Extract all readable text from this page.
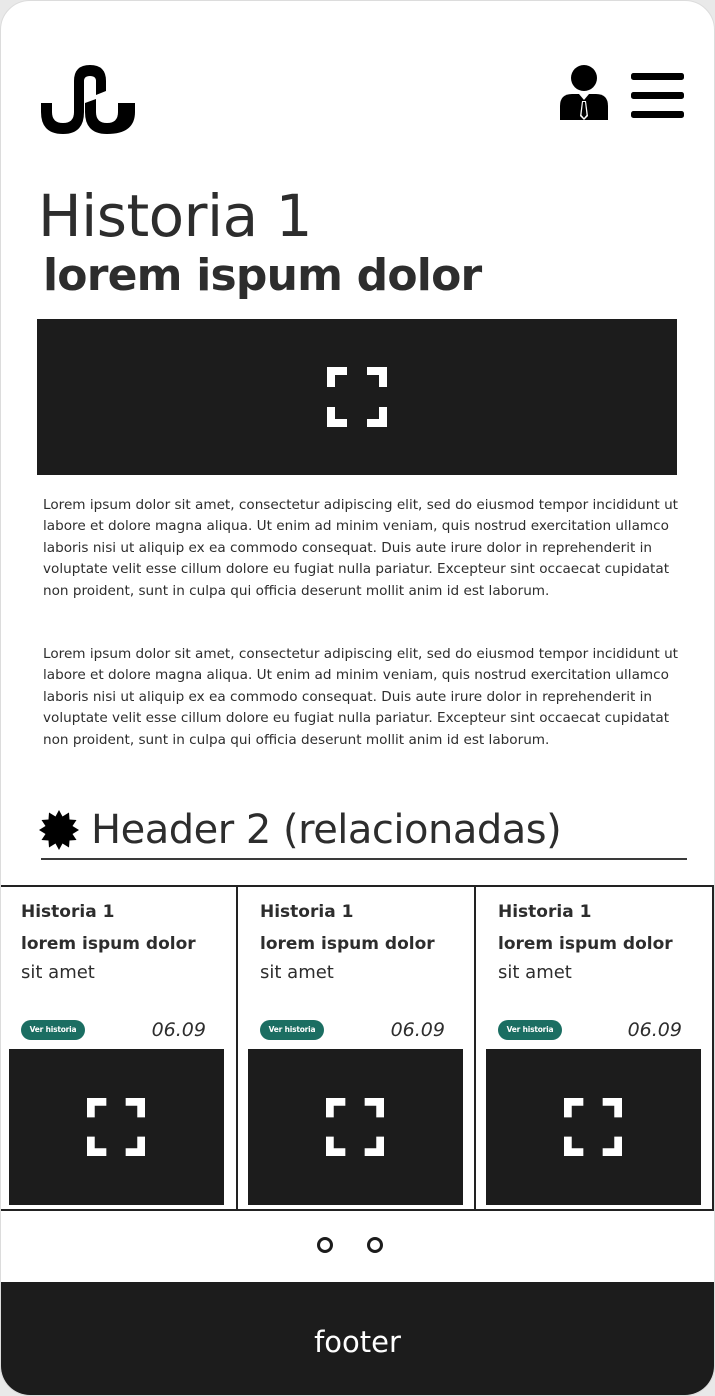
Historia 1
lorem ispum dolor

Lorem ipsum dolor sit amet, consectetur adipiscing elit, sed do eiusmod tempor incididunt ut labore et dolore magna aliqua. Ut enim ad minim veniam, quis nostrud exercitation ullamco laboris nisi ut aliquip ex ea commodo consequat. Duis aute irure dolor in reprehenderit in voluptate velit esse cillum dolore eu fugiat nulla pariatur. Excepteur sint occaecat cupidatat non proident, sunt in culpa qui officia deserunt mollit anim id est laborum.

Lorem ipsum dolor sit amet, consectetur adipiscing elit, sed do eiusmod tempor incididunt ut labore et dolore magna aliqua. Ut enim ad minim veniam, quis nostrud exercitation ullamco laboris nisi ut aliquip ex ea commodo consequat. Duis aute irure dolor in reprehenderit in voluptate velit esse cillum dolore eu fugiat nulla pariatur. Excepteur sint occaecat cupidatat non proident, sunt in culpa qui officia deserunt mollit anim id est laborum.

Header 2 (relacionadas)
Historia 1
lorem ispum dolor
sit amet
Ver historia	06.09
Historia 1
lorem ispum dolor
sit amet
Ver historia	06.09
Historia 1
lorem ispum dolor
sit amet
Ver historia	06.09
footer
